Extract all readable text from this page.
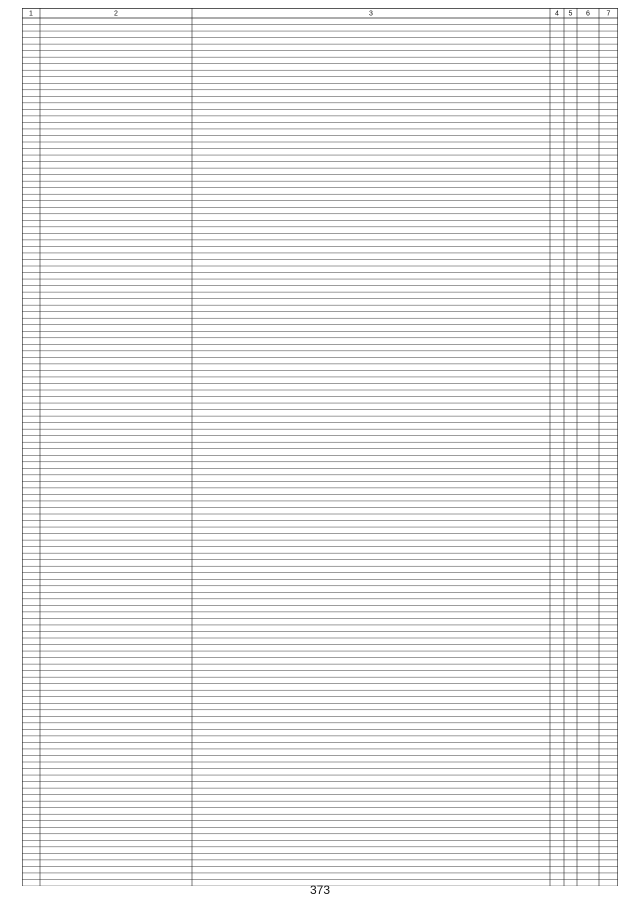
1	2	3	4 5 6 7
373
